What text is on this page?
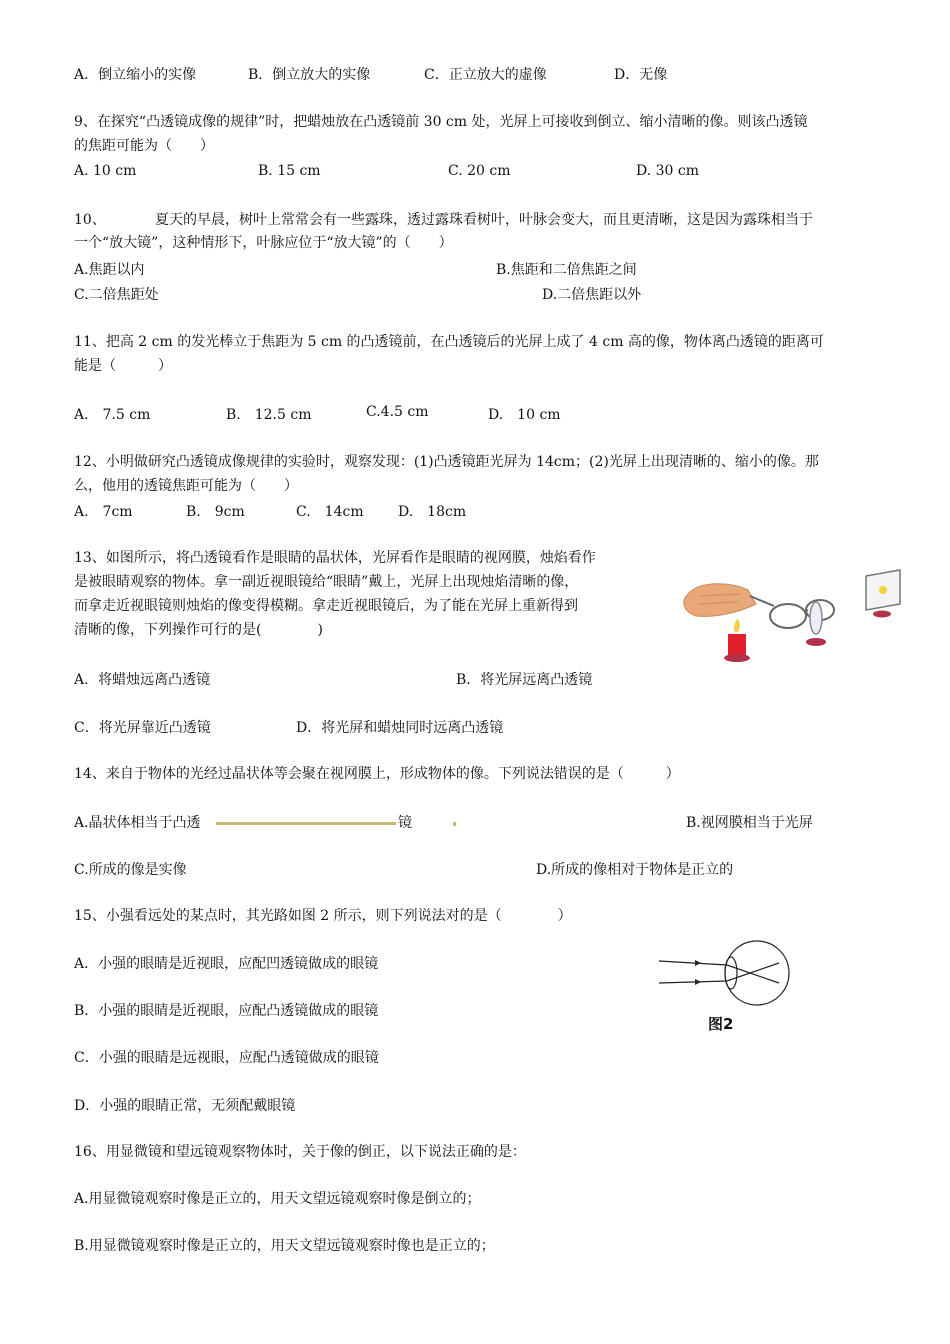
A．倒立缩小的实像	B．倒立放大的实像	C．正立放大的虚像	D．无像
9、在探究“凸透镜成像的规律”时，把蜡烛放在凸透镜前 30 cm 处，光屏上可接收到倒立、缩小清晰的像。则该凸透镜
的焦距可能为（　　）
A. 10 cm	B. 15 cm	C. 20 cm	D. 30 cm
10、	夏天的早晨，树叶上常常会有一些露珠，透过露珠看树叶，叶脉会变大，而且更清晰，这是因为露珠相当于
一个“放大镜”，这种情形下，叶脉应位于“放大镜”的（　　）
A.焦距以内	B.焦距和二倍焦距之间
C.二倍焦距处	D.二倍焦距以外
11、把高 2 cm 的发光棒立于焦距为 5 cm 的凸透镜前，在凸透镜后的光屏上成了 4 cm 高的像，物体离凸透镜的距离可
能是（　　　）
A.　7.5 cm	B.　12.5 cm	C.4.5 cm	D.　10 cm
12、小明做研究凸透镜成像规律的实验时，观察发现：(1)凸透镜距光屏为 14cm；(2)光屏上出现清晰的、缩小的像。那
么，他用的透镜焦距可能为（　　）
A.　7cm	B.　9cm	C.　14cm D.　18cm
13、如图所示，将凸透镜看作是眼睛的晶状体，光屏看作是眼睛的视网膜，烛焰看作
是被眼睛观察的物体。拿一副近视眼镜给“眼睛”戴上，光屏上出现烛焰清晰的像，
而拿走近视眼镜则烛焰的像变得模糊。拿走近视眼镜后，为了能在光屏上重新得到
清晰的像，下列操作可行的是(　　　　)
A．将蜡烛远离凸透镜	B．将光屏远离凸透镜
C．将光屏靠近凸透镜	D．将光屏和蜡烛同时远离凸透镜
14、来自于物体的光经过晶状体等会聚在视网膜上，形成物体的像。下列说法错误的是（　　　）
A.晶状体相当于凸透	镜	B.视网膜相当于光屏
C.所成的像是实像	D.所成的像相对于物体是正立的
15、小强看远处的某点时，其光路如图 2 所示，则下列说法对的是（　　　　）
A．小强的眼睛是近视眼，应配凹透镜做成的眼镜
B．小强的眼睛是近视眼，应配凸透镜做成的眼镜
C．小强的眼睛是远视眼，应配凸透镜做成的眼镜
D．小强的眼睛正常，无须配戴眼镜
图2
16、用显微镜和望远镜观察物体时，关于像的倒正，以下说法正确的是：
A.用显微镜观察时像是正立的，用天文望远镜观察时像是倒立的；
B.用显微镜观察时像是正立的，用天文望远镜观察时像也是正立的；
